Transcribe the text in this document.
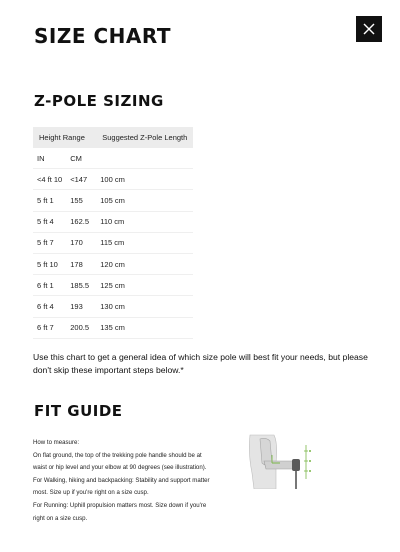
SIZE CHART
Z-POLE SIZING
Height Range		Suggested Z-Pole Length
IN	CM	
<4 ft 10	<147	100 cm
5 ft 1	155	105 cm
5 ft 4	162.5	110 cm
5 ft 7	170	115 cm
5 ft 10	178	120 cm
6 ft 1	185.5	125 cm
6 ft 4	193	130 cm
6 ft 7	200.5	135 cm

Use this chart to get a general idea of which size pole will best fit your needs, but please don't skip these important steps below.*

FIT GUIDE
How to measure:
On flat ground, the top of the trekking pole handle should be at waist or hip level and your elbow at 90 degrees (see illustration).
For Walking, hiking and backpacking: Stability and support matter most. Size up if you're right on a size cusp.
For Running: Uphill propulsion matters most. Size down if you're right on a size cusp.
